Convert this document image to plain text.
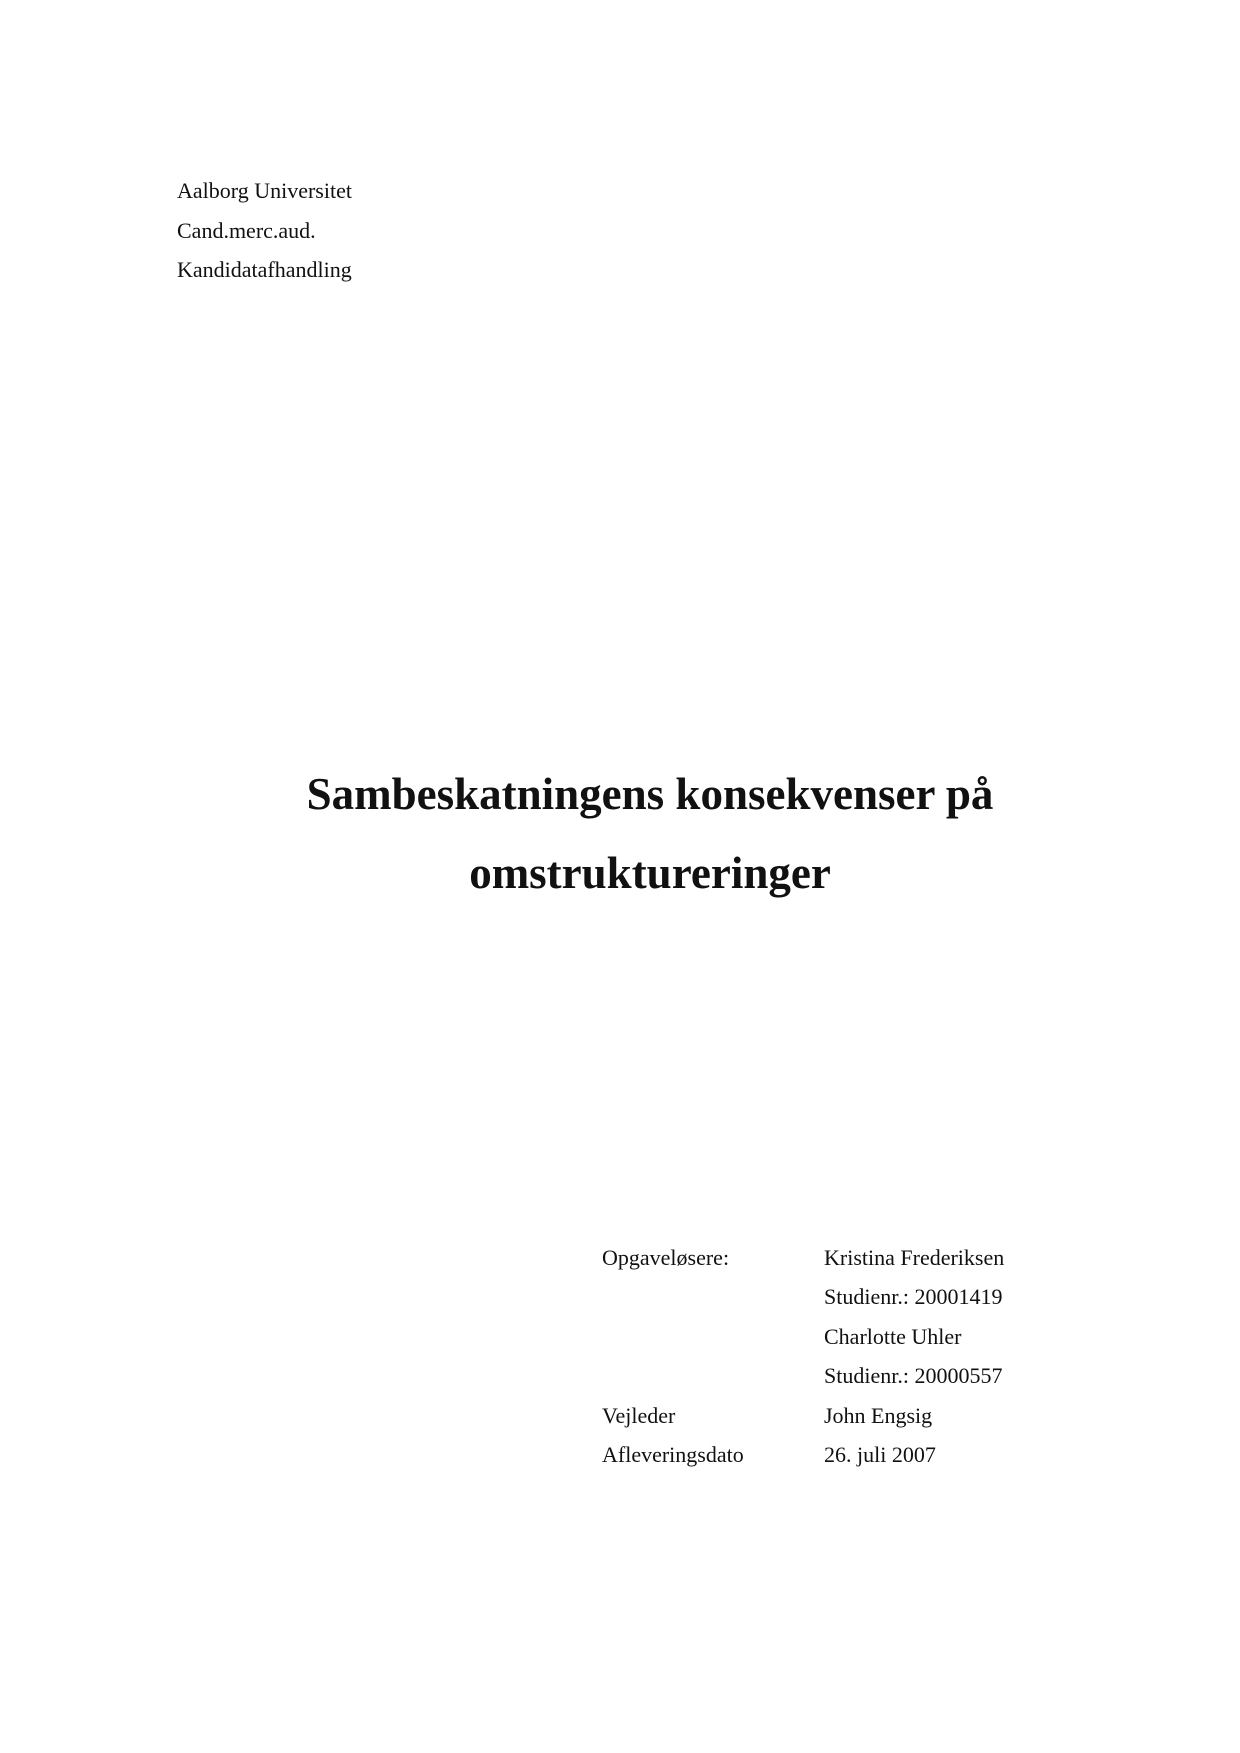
Aalborg Universitet
Cand.merc.aud.
Kandidatafhandling
Sambeskatningens konsekvenser på
omstruktureringer
Opgaveløsere:	Kristina Frederiksen
	Studienr.: 20001419
	Charlotte Uhler
	Studienr.: 20000557
Vejleder	John Engsig
Afleveringsdato	26. juli 2007
